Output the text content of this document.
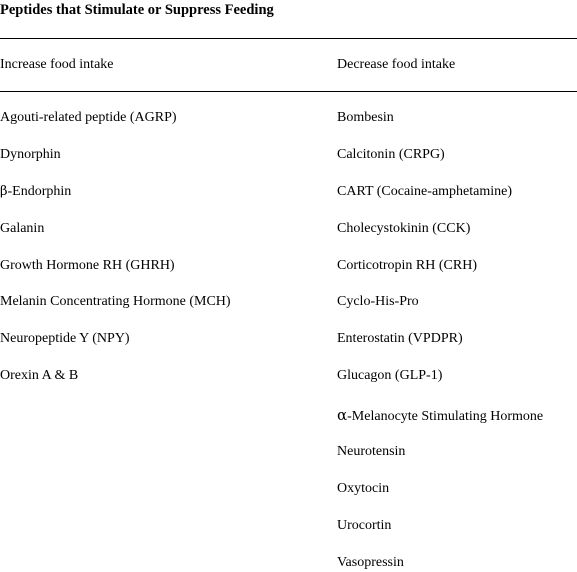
Peptides that Stimulate or Suppress Feeding
Increase food intake	Decrease food intake
Agouti-related peptide (AGRP)
Dynorphin
β-Endorphin
Galanin
Growth Hormone RH (GHRH)
Melanin Concentrating Hormone (MCH)
Neuropeptide Y (NPY)
Orexin A & B
Bombesin
Calcitonin (CRPG)
CART (Cocaine-amphetamine)
Cholecystokinin (CCK)
Corticotropin RH (CRH)
Cyclo-His-Pro
Enterostatin (VPDPR)
Glucagon (GLP-1)
α-Melanocyte Stimulating Hormone
Neurotensin
Oxytocin
Urocortin
Vasopressin
